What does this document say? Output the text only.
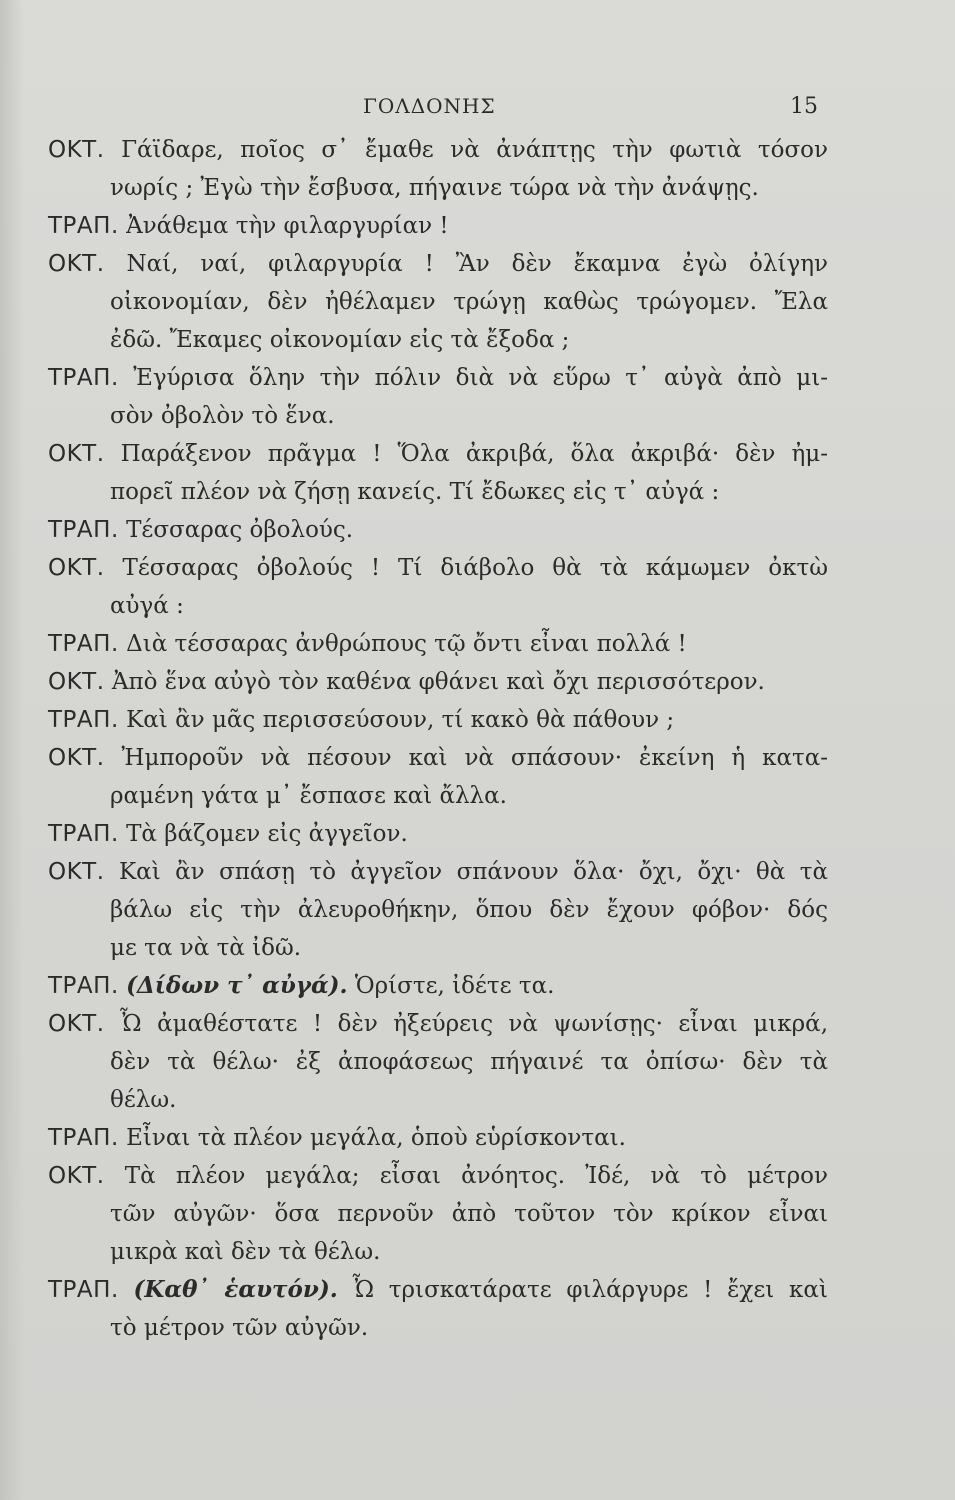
ΓΟΛΔΟΝΗΣ	15

ΟΚΤ. Γάϊδαρε, ποῖος σ᾽ ἔμαθε νὰ ἀνάπτῃς τὴν φωτιὰ τόσον
νωρίς ; Ἐγὼ τὴν ἔσβυσα, πήγαινε τώρα νὰ τὴν ἀνάψῃς.

ΤΡΑΠ. Ἀνάθεμα τὴν φιλαργυρίαν !

ΟΚΤ. Ναί, ναί, φιλαργυρία ! Ἂν δὲν ἔκαμνα ἐγὼ ὀλίγην
οἰκονομίαν, δὲν ἠθέλαμεν τρώγῃ καθὼς τρώγομεν. Ἔλα
ἐδῶ. Ἔκαμες οἰκονομίαν εἰς τὰ ἔξοδα ;

ΤΡΑΠ. Ἐγύρισα ὅλην τὴν πόλιν διὰ νὰ εὕρω τ᾽ αὐγὰ ἀπὸ μι-
σὸν ὀβολὸν τὸ ἕνα.

ΟΚΤ. Παράξενον πρᾶγμα ! Ὅλα ἀκριβά, ὅλα ἀκριβά· δὲν ἠμ-
πορεῖ πλέον νὰ ζήσῃ κανείς. Τί ἔδωκες εἰς τ᾽ αὐγά :

ΤΡΑΠ. Τέσσαρας ὀβολούς.

ΟΚΤ. Τέσσαρας ὀβολούς ! Τί διάβολο θὰ τὰ κάμωμεν ὀκτὼ
αὐγά :

ΤΡΑΠ. Διὰ τέσσαρας ἀνθρώπους τῷ ὄντι εἶναι πολλά !

ΟΚΤ. Ἀπὸ ἕνα αὐγὸ τὸν καθένα φθάνει καὶ ὄχι περισσότερον.

ΤΡΑΠ. Καὶ ἂν μᾶς περισσεύσουν, τί κακὸ θὰ πάθουν ;

ΟΚΤ. Ἠμποροῦν νὰ πέσουν καὶ νὰ σπάσουν· ἐκείνη ἡ κατα-
ραμένη γάτα μ᾽ ἔσπασε καὶ ἄλλα.

ΤΡΑΠ. Τὰ βάζομεν εἰς ἀγγεῖον.

ΟΚΤ. Καὶ ἂν σπάσῃ τὸ ἀγγεῖον σπάνουν ὅλα· ὄχι, ὄχι· θὰ τὰ
βάλω εἰς τὴν ἀλευροθήκην, ὅπου δὲν ἔχουν φόβον· δός
με τα νὰ τὰ ἰδῶ.

ΤΡΑΠ. (Δίδων τ᾽ αὐγά). Ὁρίστε, ἰδέτε τα.

ΟΚΤ. Ὦ ἀμαθέστατε ! δὲν ἠξεύρεις νὰ ψωνίσῃς· εἶναι μικρά,
δὲν τὰ θέλω· ἐξ ἀποφάσεως πήγαινέ τα ὀπίσω· δὲν τὰ
θέλω.

ΤΡΑΠ. Εἶναι τὰ πλέον μεγάλα, ὁποὺ εὑρίσκονται.

ΟΚΤ. Τὰ πλέον μεγάλα; εἶσαι ἀνόητος. Ἰδέ, νὰ τὸ μέτρον
τῶν αὐγῶν· ὅσα περνοῦν ἀπὸ τοῦτον τὸν κρίκον εἶναι
μικρὰ καὶ δὲν τὰ θέλω.

ΤΡΑΠ. (Καθ᾽ ἑαυτόν). Ὦ τρισκατάρατε φιλάργυρε ! ἔχει καὶ
τὸ μέτρον τῶν αὐγῶν.
